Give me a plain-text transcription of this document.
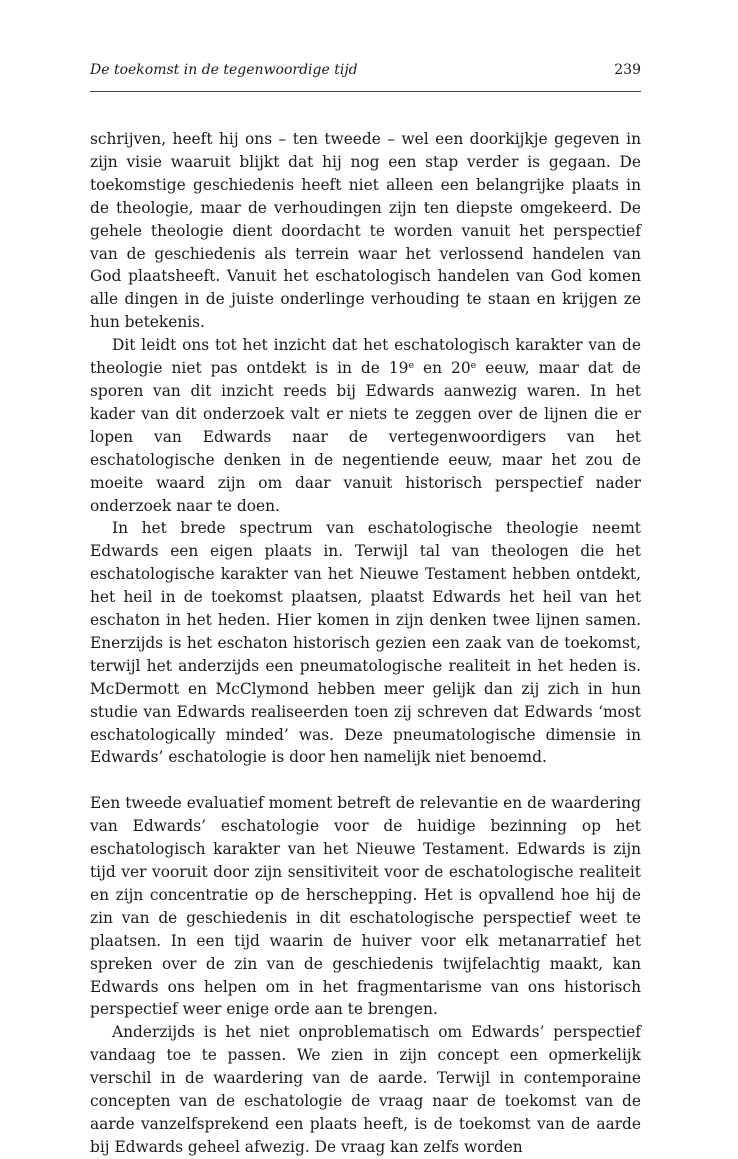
De toekomst in de tegenwoordige tijd	239

schrijven, heeft hij ons – ten tweede – wel een doorkijkje gegeven in zijn visie waaruit blijkt dat hij nog een stap verder is gegaan. De toekomstige geschiedenis heeft niet alleen een belangrijke plaats in de theologie, maar de verhoudingen zijn ten diepste omgekeerd. De gehele theologie dient doordacht te worden vanuit het perspectief van de geschiedenis als terrein waar het verlossend handelen van God plaatsheeft. Vanuit het eschatologisch handelen van God komen alle dingen in de juiste onderlinge verhouding te staan en krijgen ze hun betekenis.

Dit leidt ons tot het inzicht dat het eschatologisch karakter van de theologie niet pas ontdekt is in de 19e en 20e eeuw, maar dat de sporen van dit inzicht reeds bij Edwards aanwezig waren. In het kader van dit onderzoek valt er niets te zeggen over de lijnen die er lopen van Edwards naar de vertegenwoordigers van het eschatologische denken in de negentiende eeuw, maar het zou de moeite waard zijn om daar vanuit historisch perspectief nader onderzoek naar te doen.

In het brede spectrum van eschatologische theologie neemt Edwards een eigen plaats in. Terwijl tal van theologen die het eschatologische karakter van het Nieuwe Testament hebben ontdekt, het heil in de toekomst plaatsen, plaatst Edwards het heil van het eschaton in het heden. Hier komen in zijn denken twee lijnen samen. Enerzijds is het eschaton historisch gezien een zaak van de toekomst, terwijl het anderzijds een pneumatologische realiteit in het heden is. McDermott en McClymond hebben meer gelijk dan zij zich in hun studie van Edwards realiseerden toen zij schreven dat Edwards ‘most eschatologically minded’ was. Deze pneumatologische dimensie in Edwards’ eschatologie is door hen namelijk niet benoemd.

Een tweede evaluatief moment betreft de relevantie en de waardering van Edwards’ eschatologie voor de huidige bezinning op het eschatologisch karakter van het Nieuwe Testament. Edwards is zijn tijd ver vooruit door zijn sensitiviteit voor de eschatologische realiteit en zijn concentratie op de herschepping. Het is opvallend hoe hij de zin van de geschiedenis in dit eschatologische perspectief weet te plaatsen. In een tijd waarin de huiver voor elk metanarratief het spreken over de zin van de geschiedenis twijfelachtig maakt, kan Edwards ons helpen om in het fragmentarisme van ons historisch perspectief weer enige orde aan te brengen.

Anderzijds is het niet onproblematisch om Edwards’ perspectief vandaag toe te passen. We zien in zijn concept een opmerkelijk verschil in de waardering van de aarde. Terwijl in contemporaine concepten van de eschatologie de vraag naar de toekomst van de aarde vanzelfsprekend een plaats heeft, is de toekomst van de aarde bij Edwards geheel afwezig. De vraag kan zelfs worden
